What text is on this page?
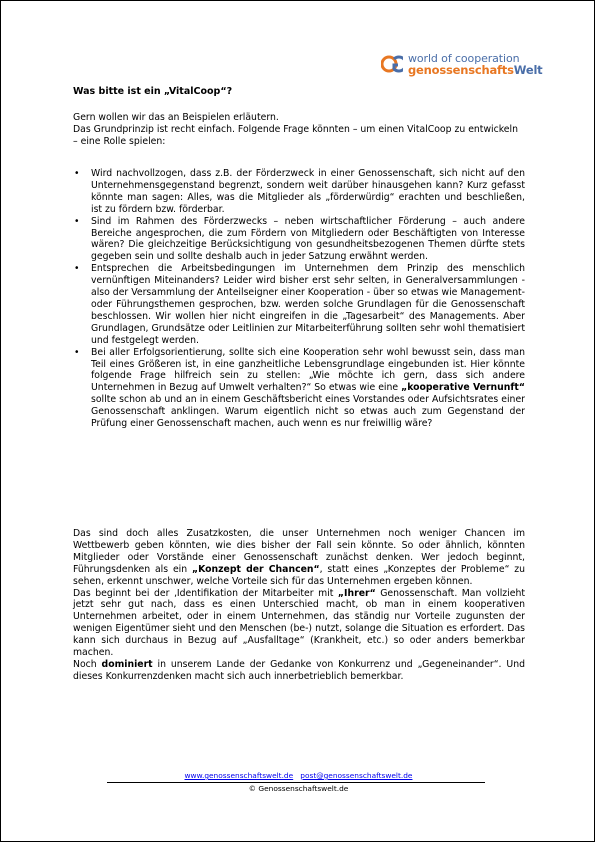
world of cooperation
genossenschaftsWelt
Was bitte ist ein „VitalCoop“?

Gern wollen wir das an Beispielen erläutern.

Das Grundprinzip ist recht einfach. Folgende Frage könnten – um einen VitalCoop zu entwickeln – eine Rolle spielen:

• Wird nachvollzogen, dass z.B. der Förderzweck in einer Genossenschaft, sich nicht auf den Unternehmensgegenstand begrenzt, sondern weit darüber hinausgehen kann? Kurz gefasst könnte man sagen: Alles, was die Mitglieder als „förderwürdig“ erachten und beschließen, ist zu fördern bzw. förderbar.
• Sind im Rahmen des Förderzwecks – neben wirtschaftlicher Förderung – auch andere Bereiche angesprochen, die zum Fördern von Mitgliedern oder Beschäftigten von Interesse wären? Die gleichzeitige Berücksichtigung von gesundheitsbezogenen Themen dürfte stets gegeben sein und sollte deshalb auch in jeder Satzung erwähnt werden.
• Entsprechen die Arbeitsbedingungen im Unternehmen dem Prinzip des menschlich vernünftigen Miteinanders? Leider wird bisher erst sehr selten, in Generalversammlungen - also der Versammlung der Anteilseigner einer Kooperation - über so etwas wie Management- oder Führungsthemen gesprochen, bzw. werden solche Grundlagen für die Genossenschaft beschlossen. Wir wollen hier nicht eingreifen in die „Tagesarbeit“ des Managements. Aber Grundlagen, Grundsätze oder Leitlinien zur Mitarbeiterführung sollten sehr wohl thematisiert und festgelegt werden.
• Bei aller Erfolgsorientierung, sollte sich eine Kooperation sehr wohl bewusst sein, dass man Teil eines Größeren ist, in eine ganzheitliche Lebensgrundlage eingebunden ist. Hier könnte folgende Frage hilfreich sein zu stellen: „Wie möchte ich gern, dass sich andere Unternehmen in Bezug auf Umwelt verhalten?“ So etwas wie eine „kooperative Vernunft“ sollte schon ab und an in einem Geschäftsbericht eines Vorstandes oder Aufsichtsrates einer Genossenschaft anklingen. Warum eigentlich nicht so etwas auch zum Gegenstand der Prüfung einer Genossenschaft machen, auch wenn es nur freiwillig wäre?

Das sind doch alles Zusatzkosten, die unser Unternehmen noch weniger Chancen im Wettbewerb geben könnten, wie dies bisher der Fall sein könnte. So oder ähnlich, könnten Mitglieder oder Vorstände einer Genossenschaft zunächst denken. Wer jedoch beginnt, Führungsdenken als ein „Konzept der Chancen“, statt eines „Konzeptes der Probleme“ zu sehen, erkennt unschwer, welche Vorteile sich für das Unternehmen ergeben können.

Das beginnt bei der ‚Identifikation der Mitarbeiter mit „Ihrer“ Genossenschaft. Man vollzieht jetzt sehr gut nach, dass es einen Unterschied macht, ob man in einem kooperativen Unternehmen arbeitet, oder in einem Unternehmen, das ständig nur Vorteile zugunsten der wenigen Eigentümer sieht und den Menschen (be-) nutzt, solange die Situation es erfordert. Das kann sich durchaus in Bezug auf „Ausfalltage“ (Krankheit, etc.) so oder anders bemerkbar machen.

Noch dominiert in unserem Lande der Gedanke von Konkurrenz und „Gegeneinander“. Und dieses Konkurrenzdenken macht sich auch innerbetrieblich bemerkbar.

www.genossenschaftswelt.de post@genossenschaftswelt.de
© Genossenschaftswelt.de
